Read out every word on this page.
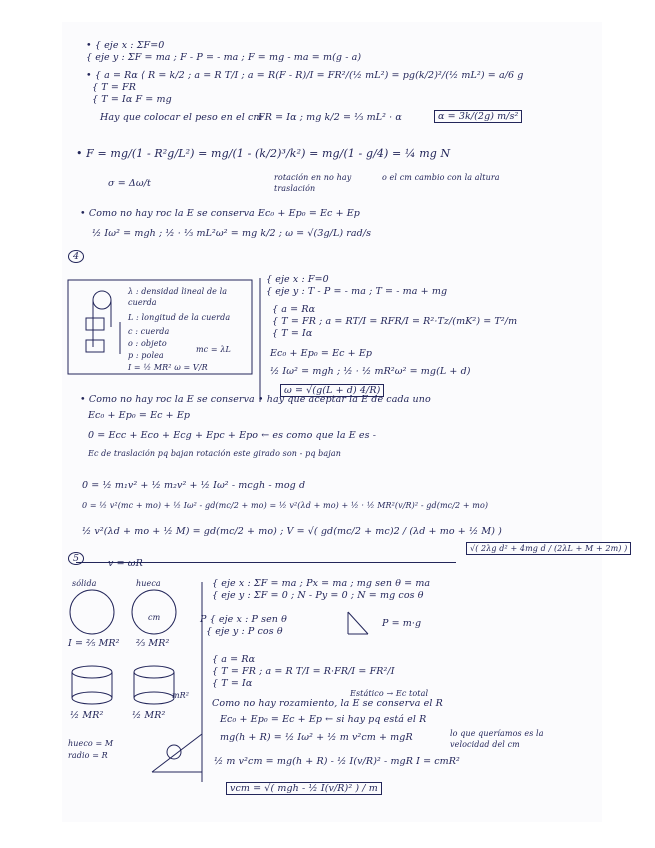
• { eje x : ΣF=0
{ eje y : ΣF = ma ; F - P = - ma ; F = mg - ma = m(g - a)
• { a = Rα ⟨ R = k/2 ; a = R T/I ; a = R(F - R)/I = FR²/(½ mL²) = pg(k/2)²/(½ mL²) = a/6 g
{ T = FR
{ T = Iα F = mg
Hay que colocar el peso en el cm
FR = Iα ; mg k/2 = ⅓ mL² · α	α = 3k/(2g) m/s²
• F = mg/(1 - R²g/L²) = mg/(1 - (k/2)³/k²) = mg/(1 - g/4) = ¼ mg N
rotación en no hay traslación
o el cm cambio con la altura
σ = Δω/t
• Como no hay roc la E se conserva Ec₀ + Ep₀ = Ec + Ep
½ Iω² = mgh ; ½ · ⅓ mL²ω² = mg k/2 ; ω = √(3g/L) rad/s
4
λ : densidad lineal de la cuerda
L : longitud de la cuerda
c : cuerda
o : objeto
p : polea
mc = λL
I = ½ MR² ω = V/R
{ eje x : F=0
{ eje y : T - P = - ma ; T = - ma + mg
{ a = Rα
{ T = FR ; a = RT/I = RFR/I = R²·Tz/(mK²) = T²/m
{ T = Iα
Ec₀ + Ep₀ = Ec + Ep
½ Iω² = mgh ; ½ · ½ mR²ω² = mg(L + d)
ω = √(g(L + d) 4/R)
• Como no hay roc la E se conserva • hay que aceptar la E de cada uno
Ec₀ + Ep₀ = Ec + Ep
0 = Ecc + Eco + Ecg + Epc + Epo ← es como que la E es -
Ec de traslación pq bajan rotación este girado son - pq bajan
0 = ½ m₁v² + ½ m₂v² + ½ Iω² - mcgh - mog d
0 = ½ v²(mc + mo) + ½ Iω² - gd(mc/2 + mo) = ½ v²(λd + mo) + ½ · ½ MR²(v/R)² - gd(mc/2 + mo)
½ v²(λd + mo + ½ M) = gd(mc/2 + mo) ; V = √( gd(mc/2 + mc)2 / (λd + mo + ½ M) )
√( 2λg d² + 4mg d / (2λL + M + 2m) )
5	v = ωR
sólida	hueca
cm
I = ⅖ MR² ⅔ MR²
mR²
½ MR²	½ MR²
hueco = M
radio = R
{ eje x : ΣF = ma ; Px = ma ; mg sen θ = ma
{ eje y : ΣF = 0 ; N - Py = 0 ; N = mg cos θ
P { eje x : P sen θ
{ eje y : P cos θ
P = m·g
{ a = Rα
{ T = FR ; a = R T/I = R·FR/I = FR²/I
{ T = Iα
Estático → Ec total
Como no hay rozamiento, la E se conserva el R
Ec₀ + Ep₀ = Ec + Ep ← si hay pq está el R
mg(h + R) = ½ Iω² + ½ m v²cm + mgR	lo que queríamos es la velocidad del cm
½ m v²cm = mg(h + R) - ½ I(v/R)² - mgR I = cmR²
vcm = √( mgh - ½ I(v/R)² ) / m
